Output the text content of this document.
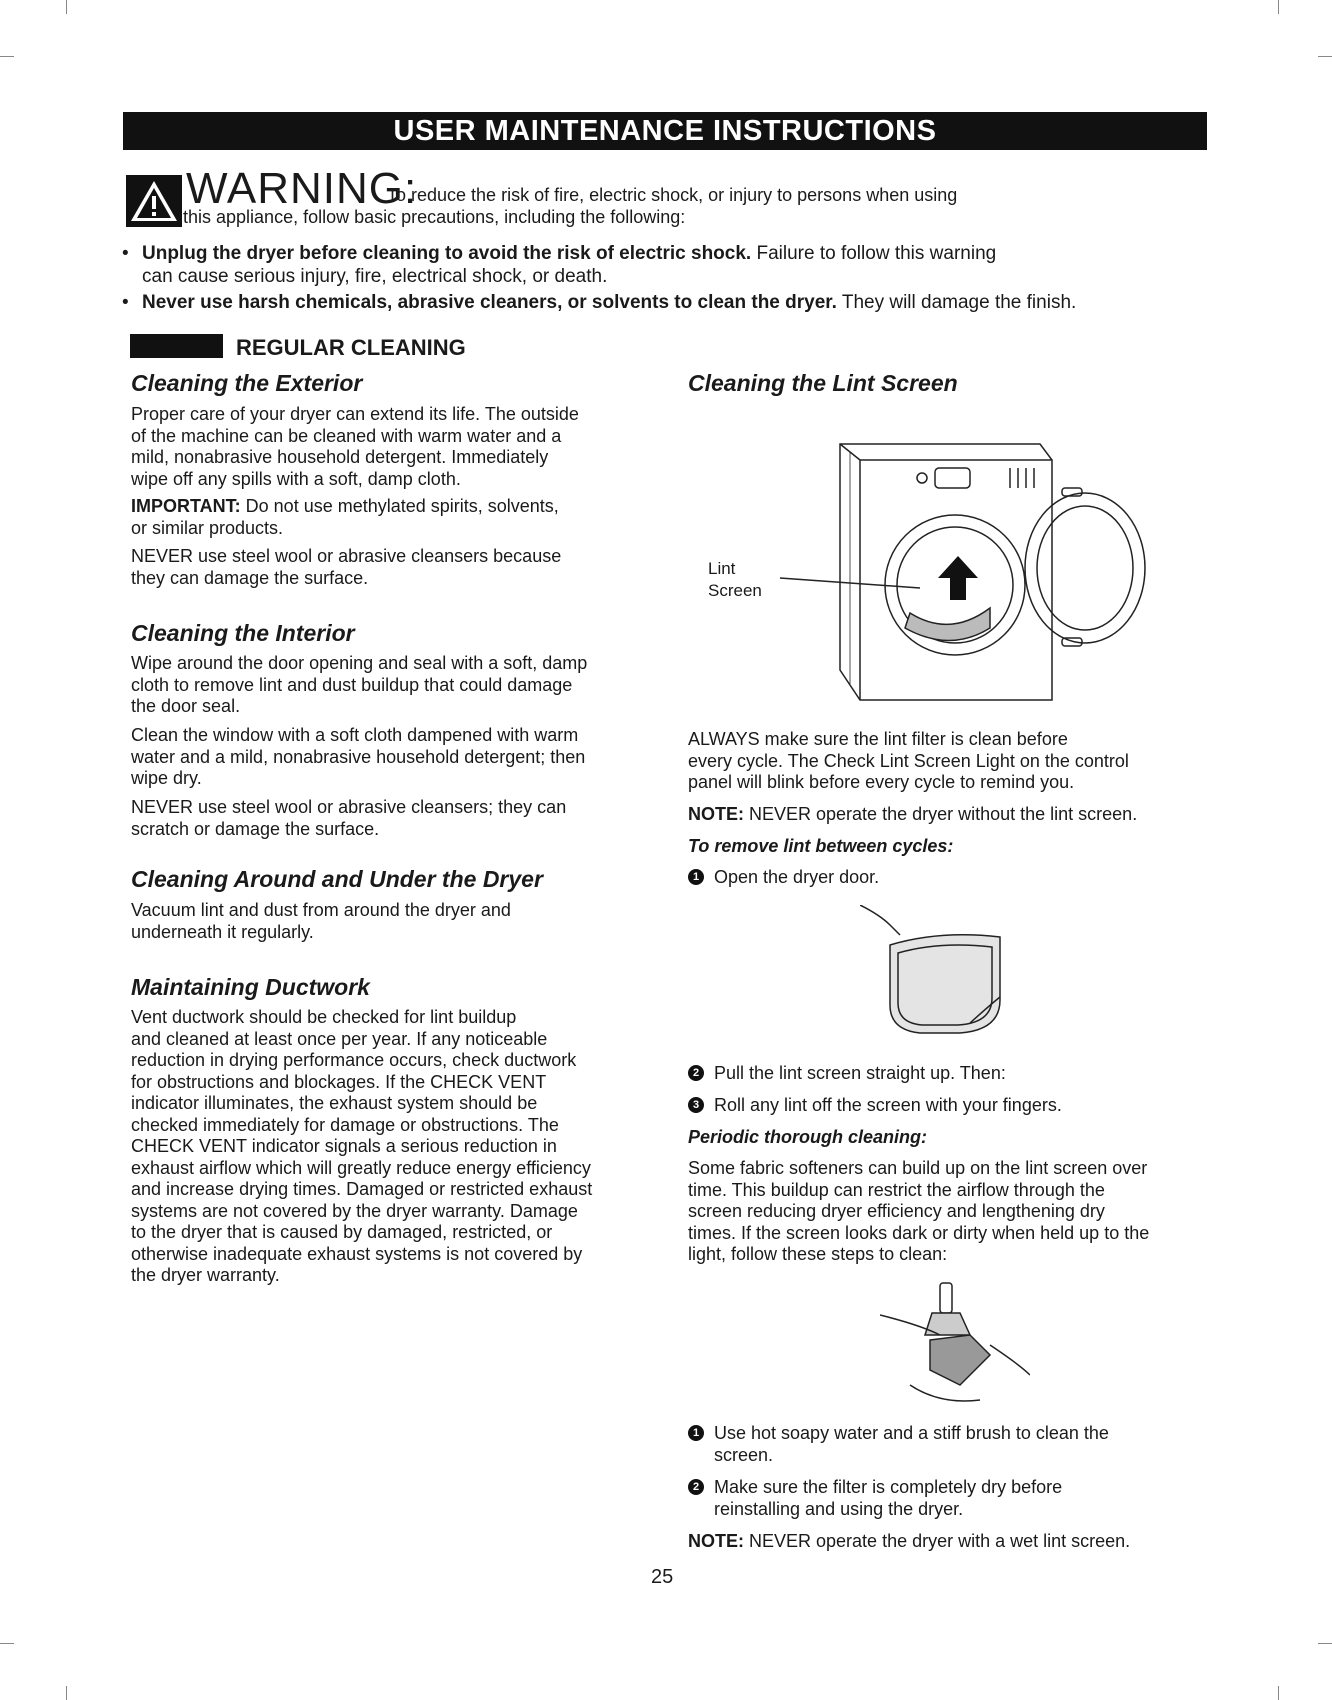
USER MAINTENANCE INSTRUCTIONS
WARNING:
To reduce the risk of fire, electric shock, or injury to persons when using
this appliance, follow basic precautions, including the following:
• Unplug the dryer before cleaning to avoid the risk of electric shock. Failure to follow this warning
can cause serious injury, fire, electrical shock, or death.
• Never use harsh chemicals, abrasive cleaners, or solvents to clean the dryer. They will damage the finish.
REGULAR CLEANING
Cleaning the Exterior
Proper care of your dryer can extend its life. The outside
of the machine can be cleaned with warm water and a
mild, nonabrasive household detergent. Immediately
wipe off any spills with a soft, damp cloth.
IMPORTANT: Do not use methylated spirits, solvents,
or similar products.
NEVER use steel wool or abrasive cleansers because
they can damage the surface.
Cleaning the Interior
Wipe around the door opening and seal with a soft, damp
cloth to remove lint and dust buildup that could damage
the door seal.
Clean the window with a soft cloth dampened with warm
water and a mild, nonabrasive household detergent; then
wipe dry.
NEVER use steel wool or abrasive cleansers; they can
scratch or damage the surface.
Cleaning Around and Under the Dryer
Vacuum lint and dust from around the dryer and
underneath it regularly.
Maintaining Ductwork
Vent ductwork should be checked for lint buildup
and cleaned at least once per year. If any noticeable
reduction in drying performance occurs, check ductwork
for obstructions and blockages. If the CHECK VENT
indicator illuminates, the exhaust system should be
checked immediately for damage or obstructions. The
CHECK VENT indicator signals a serious reduction in
exhaust airflow which will greatly reduce energy efficiency
and increase drying times. Damaged or restricted exhaust
systems are not covered by the dryer warranty. Damage
to the dryer that is caused by damaged, restricted, or
otherwise inadequate exhaust systems is not covered by
the dryer warranty.
Cleaning the Lint Screen
Lint
Screen
ALWAYS make sure the lint filter is clean before
every cycle. The Check Lint Screen Light on the control
panel will blink before every cycle to remind you.
NOTE: NEVER operate the dryer without the lint screen.
To remove lint between cycles:
1 Open the dryer door.
2 Pull the lint screen straight up. Then:
3 Roll any lint off the screen with your fingers.
Periodic thorough cleaning:
Some fabric softeners can build up on the lint screen over
time. This buildup can restrict the airflow through the
screen reducing dryer efficiency and lengthening dry
times. If the screen looks dark or dirty when held up to the
light, follow these steps to clean:
1 Use hot soapy water and a stiff brush to clean the
screen.
2 Make sure the filter is completely dry before
reinstalling and using the dryer.
NOTE: NEVER operate the dryer with a wet lint screen.
25
